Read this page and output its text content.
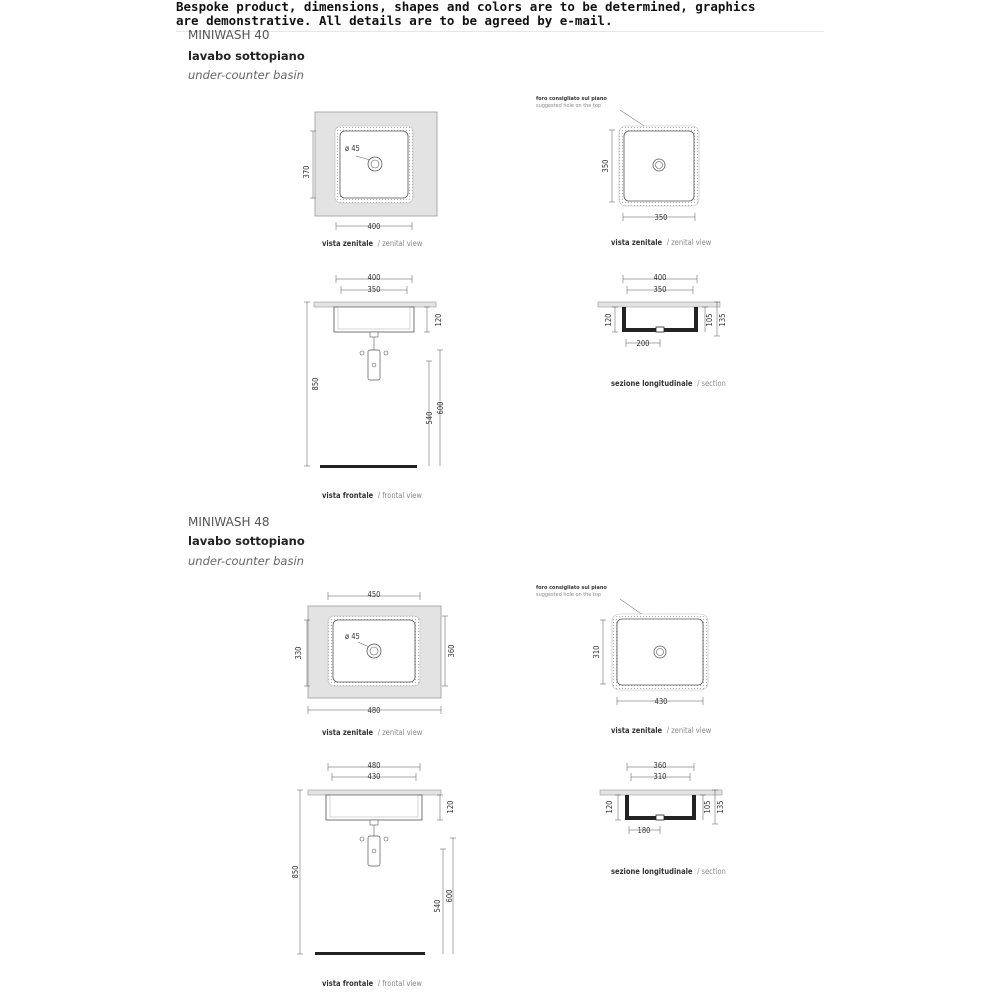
Bespoke product, dimensions, shapes and colors are to be determined, graphics are demonstrative. All details are to be agreed by e-mail.
MINIWASH 40
lavabo sottopiano
under-counter basin
MINIWASH 48
lavabo sottopiano
under-counter basin
ø 45
370
400
vista zenitale / zenital view
foro consigliato sul piano
suggested hole on the top
350
350
vista zenitale / zenital view
400
350
120
850
540
600
vista frontale / frontal view
400
350
120	105 135
200
sezione longitudinale / section
450
ø 45
330	360
480
vista zenitale / zenital view
foro consigliato sul piano
suggested hole on the top
310
430
vista zenitale / zenital view
480
430
120
850
540
600
vista frontale / frontal view
360
310
120	105 135
180
sezione longitudinale / section
